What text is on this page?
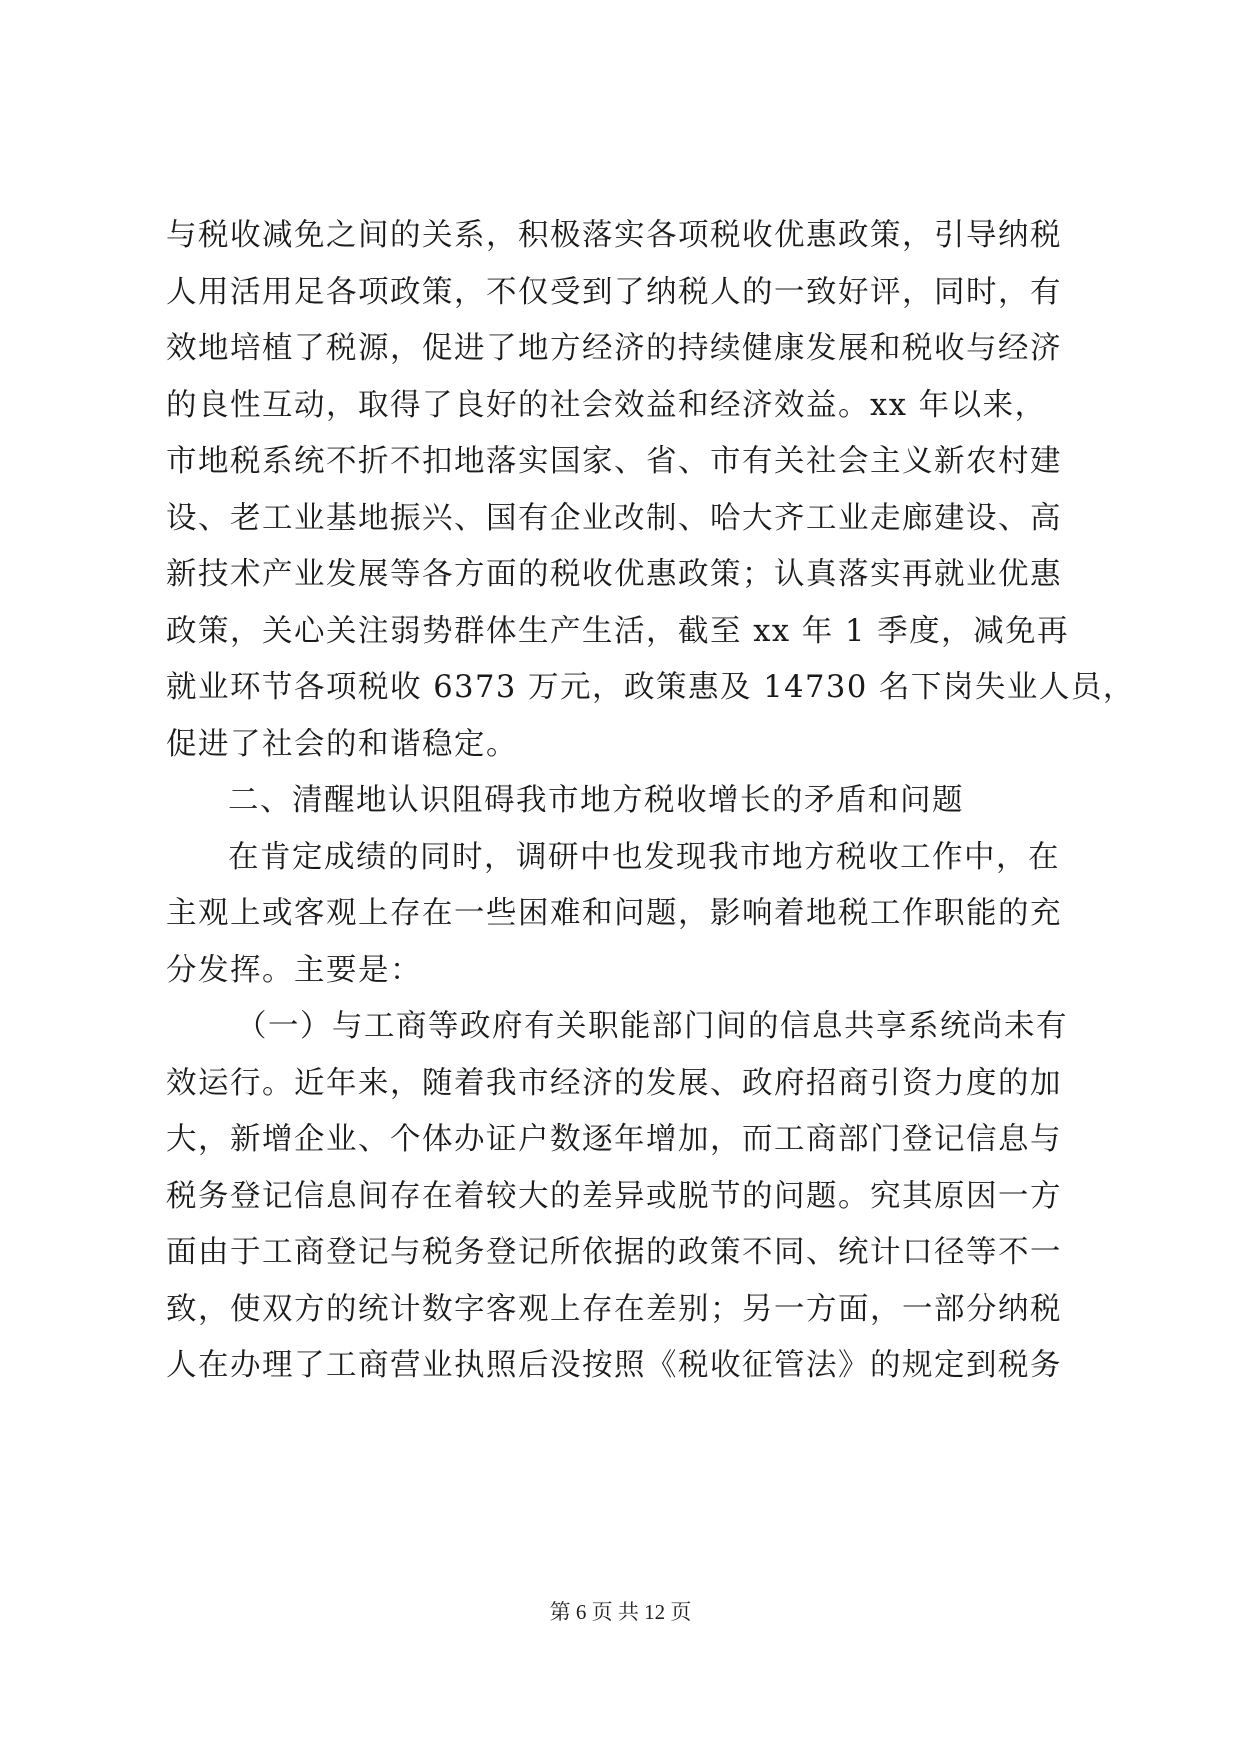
与税收减免之间的关系，积极落实各项税收优惠政策，引导纳税
人用活用足各项政策，不仅受到了纳税人的一致好评，同时，有
效地培植了税源，促进了地方经济的持续健康发展和税收与经济
的良性互动，取得了良好的社会效益和经济效益。xx 年以来，
市地税系统不折不扣地落实国家、省、市有关社会主义新农村建
设、老工业基地振兴、国有企业改制、哈大齐工业走廊建设、高
新技术产业发展等各方面的税收优惠政策；认真落实再就业优惠
政策，关心关注弱势群体生产生活，截至 xx 年 1 季度，减免再
就业环节各项税收 6373 万元，政策惠及 14730 名下岗失业人员，
促进了社会的和谐稳定。
二、清醒地认识阻碍我市地方税收增长的矛盾和问题
在肯定成绩的同时，调研中也发现我市地方税收工作中，在
主观上或客观上存在一些困难和问题，影响着地税工作职能的充
分发挥。主要是：
（一）与工商等政府有关职能部门间的信息共享系统尚未有
效运行。近年来，随着我市经济的发展、政府招商引资力度的加
大，新增企业、个体办证户数逐年增加，而工商部门登记信息与
税务登记信息间存在着较大的差异或脱节的问题。究其原因一方
面由于工商登记与税务登记所依据的政策不同、统计口径等不一
致，使双方的统计数字客观上存在差别；另一方面，一部分纳税
人在办理了工商营业执照后没按照《税收征管法》的规定到税务
第 6 页 共 12 页
